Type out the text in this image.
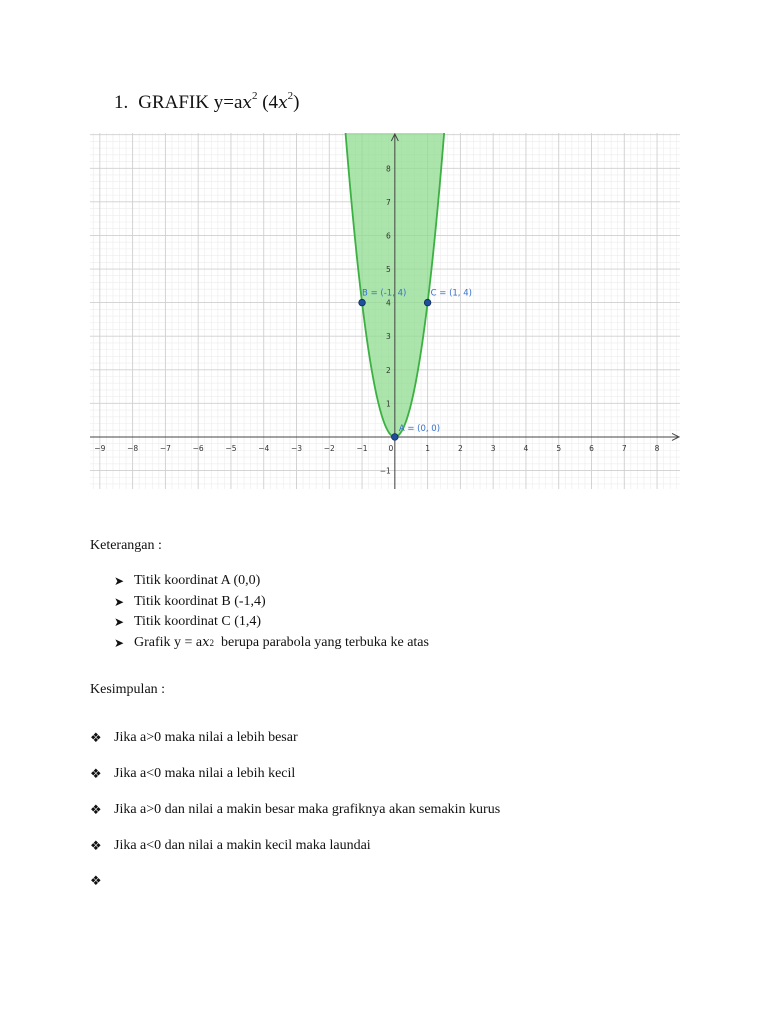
1. GRAFIK $y=ax^2$ $(4x^2)$
−9	−8	−7	−6	−5	−4	−3	−2	−1	0	1	2	3	4	5	6	7	8
−1
1
2
3
4
5
6
7
8
A = (0, 0)
B = (-1, 4)	C = (1, 4)
Keterangan :
➤ Titik koordinat A (0,0)
➤ Titik koordinat B (-1,4)
➤ Titik koordinat C (1,4)
➤ Grafik y = a x 2
berupa parabola yang terbuka ke atas
Kesimpulan :
❖ Jika a>0 maka nilai a lebih besar
❖ Jika a<0 maka nilai a lebih kecil
❖ Jika a>0 dan nilai a makin besar maka grafiknya akan semakin kurus
❖ Jika a<0 dan nilai a makin kecil maka laundai
❖
